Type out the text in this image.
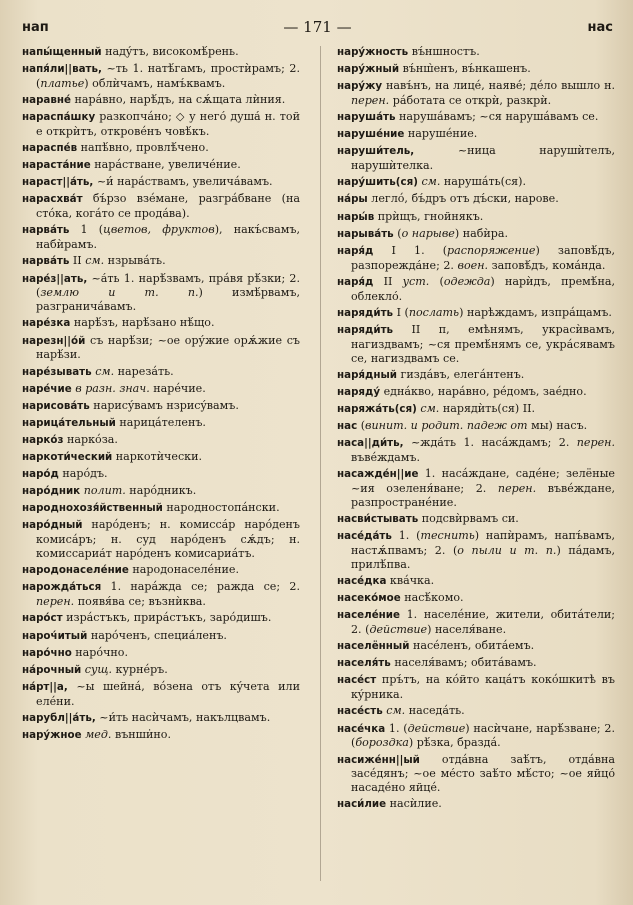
нап	— 171 —	нас

напы́щенный надýтъ, високомѣ́рень.

напя́ли||вать, ~ть 1. натѣ́гамъ, простѝрамъ; 2. (платье) облѝчамъ, намъ́квамъ.

наравне́ нарáвно, нарѣ́дъ, на сѫ́щата лѝния.

нараспа́шку разкопчáно; ◇ у него́ душа́ н. той е открѝтъ, откровéнъ човѣ́къ.

нараспе́в напѣ́вно, провлѣ́чено.

нараста́ние нарáстване, увеличéние.

нараст||а́ть, ~и́ нарáствамъ, увеличáвамъ.

нарасхва́т бъ́рзо взéмане, разгрáбване (на стóка, когáто се продáва).

нарва́ть 1 (цветов, фруктов), накъ́свамъ, набѝрамъ.

нарва́ть II см. нзрывáть.

наре́з||ать, ~а́ть 1. нарѣ́звамъ, прáвя рѣ́зки; 2. (землю и т. п.) измѣ́рвамъ, разграничáвамъ.

наре́зка нарѣ́зъ, нарѣ́зано нѣ́що.

нарезн||о́й съ нарѣ́зи; ~ое ору́жие орѫ́жие съ нарѣ́зи.

наре́зывать см. нарезáть.

наре́чие в разн. знач. нарéчие.

нарисова́ть нарисýвамъ нзрисýвамъ.

нарица́тельный нарицáтеленъ.

нарко́з наркóза.

наркоти́ческий наркотѝчески.

наро́д нарóдъ.

наро́дник полит. нарóдникъ.

народнохозя́йственный народностопáнски.

наро́дный нарóденъ; н. комисса́р нарóденъ комисáръ; н. суд нарóденъ сѫ́дъ; н. комиссариа́т нарóденъ комисариáтъ.

народонаселе́ние народонаселéние.

нарожда́ться 1. нарáждa се; раждa се; 2. перен. появя́ва се; възнѝква.

наро́ст изрáстъкъ, прирáстъкъ, зарóдишъ.

нароч́итый нарóченъ, специáленъ.

наро́чно нарóчно.

на́рочный сущ. курнéръ.

на́рт||а, ~ы шейнá, вóзена отъ кýчета или елéни.

нарубл||а́ть, ~и́ть насѝчамъ, накълцвамъ.

нару́жное мед. външи̇но.

нару́жность въ́ншностъ.

нару́жный въ́нш̀енъ, въ́нкашенъ.

нару́жу навъ́нъ, на лицé, наявé; дéло вышло н. перен. рáботата се открѝ, разкрѝ.

наруша́ть нарушáвамъ; ~ся нарушáвамъ се.

наруше́ние нарушéние.

наруши́тель, ~ница нарушѝтелъ, нарушѝтелка.

нару́шить(ся) см. нарушáть(ся).

на́ры леглó, бъ́дръ отъ дъ́ски, нарове.

нары́в прѝщъ, гнойнякъ.

нарыва́ть (о нарыве) набѝра.

наря́д I 1. (распоряжение) заповѣ́дъ, разпорежда́не; 2. воен. заповѣ́дъ, комáнда.

наря́д II уст. (одежда) нарѝдъ, премѣ́на, облекло́.

наряди́ть I (послать) нарѣждамъ, изпрáщамъ.

наряди́ть II п, емѣнямъ, украсѝвамъ, нагиздвамъ; ~ся премѣ́нямъ се, укрáсявамъ се, нагиздвамъ се.

наря́дный гиздáвъ, елегáнтенъ.

наряду́ еднáкво, нарáвно, рéдомъ, заéдно.

наряжа́ть(ся) см. нарядѝть(ся) II.

нас (винит. и родит. падеж от мы) насъ.

наса||ди́ть, ~жда́ть 1. насáждамъ; 2. перен. въвéждамъ.

насажде́н||ие 1. насáждане, садéне; зелёные ~ия озеленя́ване; 2. перен. въвéждане, разпространéние.

насви́стывать подсвѝрвамъ си.

насе́да́ть 1. (теснить) напѝрамъ, напъ́вамъ, настѫ́пвамъ; 2. (о пыли и т. п.) пáдамъ, прилѣ́пва.

насе́дка квáчка.

насеко́мое насѣ́комо.

населе́ние 1. населéние, жители, обитáтели; 2. (действие) населя́ване.

населённый насéленъ, обитáемъ.

населя́ть населя́вамъ; обитáвамъ.

насе́ст пръ́тъ, на кóйто кацáтъ кокóшкитѣ въ кýрника.

насе́сть см. наседáть.

насе́чка 1. (действие) насѝчане, нарѣ́зване; 2. (бороздка) рѣ́зка, браздá.

насиже́нн||ый отдáвна заѣ́тъ, отдáвна засéдянъ; ~ое ме́сто заѣ́то мѣ́сто; ~ое яйцо́ насадéно яйцé.

наси́лие насѝлие.
